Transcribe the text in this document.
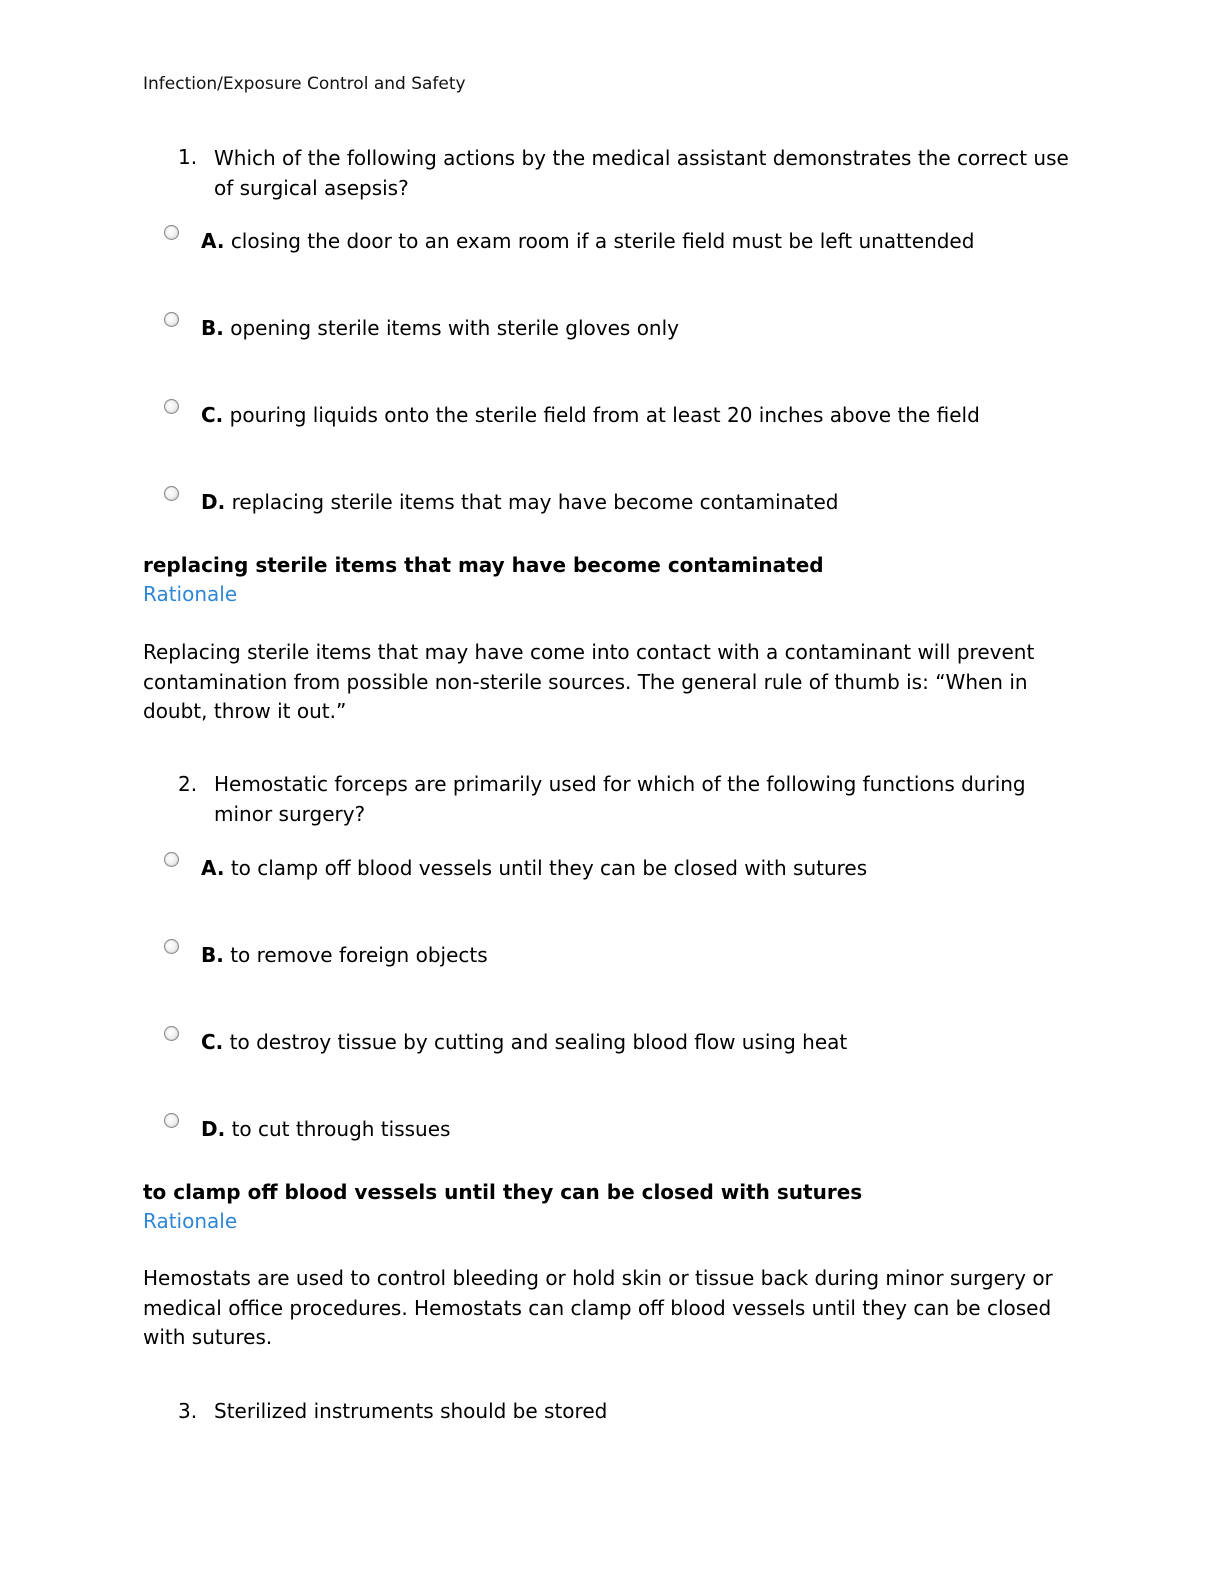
Infection/Exposure Control and Safety
1. Which of the following actions by the medical assistant demonstrates the correct use of surgical asepsis?
A. closing the door to an exam room if a sterile field must be left unattended
B. opening sterile items with sterile gloves only
C. pouring liquids onto the sterile field from at least 20 inches above the field
D. replacing sterile items that may have become contaminated
replacing sterile items that may have become contaminated
Rationale
Replacing sterile items that may have come into contact with a contaminant will prevent contamination from possible non-sterile sources. The general rule of thumb is: “When in doubt, throw it out.”
2. Hemostatic forceps are primarily used for which of the following functions during minor surgery?
A. to clamp off blood vessels until they can be closed with sutures
B. to remove foreign objects
C. to destroy tissue by cutting and sealing blood flow using heat
D. to cut through tissues
to clamp off blood vessels until they can be closed with sutures
Rationale
Hemostats are used to control bleeding or hold skin or tissue back during minor surgery or medical office procedures. Hemostats can clamp off blood vessels until they can be closed with sutures.
3. Sterilized instruments should be stored
